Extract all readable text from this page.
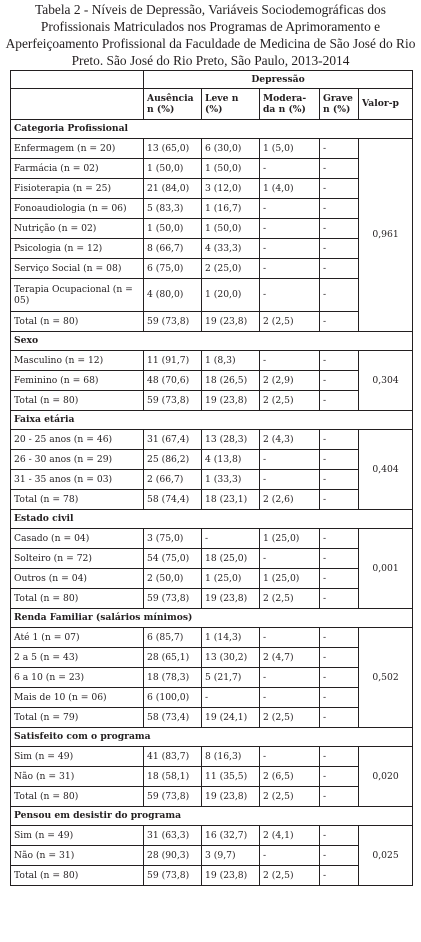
Tabela 2 - Níveis de Depressão, Variáveis Sociodemográficas dos Profissionais Matriculados nos Programas de Aprimoramento e Aperfeiçoamento Profissional da Faculdade de Medicina de São José do Rio Preto. São José do Rio Preto, São Paulo, 2013-2014
	Depressão				
	Ausência n (%)	Leve n (%)	Modera-da n (%)	Grave n (%)	Valor-p
Categoria Profissional					
Enfermagem (n = 20)	13 (65,0)	6 (30,0)	1 (5,0)	-	0,961
Farmácia (n = 02)	1 (50,0)	1 (50,0)	-	-	
Fisioterapia (n = 25)	21 (84,0)	3 (12,0)	1 (4,0)	-	
Fonoaudiologia (n = 06)	5 (83,3)	1 (16,7)	-	-	
Nutrição (n = 02)	1 (50,0)	1 (50,0)	-	-	
Psicologia (n = 12)	8 (66,7)	4 (33,3)	-	-	
Serviço Social (n = 08)	6 (75,0)	2 (25,0)	-	-	
Terapia Ocupacional (n = 05)	4 (80,0)	1 (20,0)	-	-	
Total (n = 80)	59 (73,8)	19 (23,8)	2 (2,5)	-	
Sexo					
Masculino (n = 12)	11 (91,7)	1 (8,3)	-	-	0,304
Feminino (n = 68)	48 (70,6)	18 (26,5)	2 (2,9)	-	
Total (n = 80)	59 (73,8)	19 (23,8)	2 (2,5)	-	
Faixa etária					
20 - 25 anos (n = 46)	31 (67,4)	13 (28,3)	2 (4,3)	-	0,404
26 - 30 anos (n = 29)	25 (86,2)	4 (13,8)	-	-	
31 - 35 anos (n = 03)	2 (66,7)	1 (33,3)	-	-	
Total (n = 78)	58 (74,4)	18 (23,1)	2 (2,6)	-	
Estado civil					
Casado (n = 04)	3 (75,0)	-	1 (25,0)	-	0,001
Solteiro (n = 72)	54 (75,0)	18 (25,0)	-	-	
Outros (n = 04)	2 (50,0)	1 (25,0)	1 (25,0)	-	
Total (n = 80)	59 (73,8)	19 (23,8)	2 (2,5)	-	
Renda Familiar (salários mínimos)					
Até 1 (n = 07)	6 (85,7)	1 (14,3)	-	-	0,502
2 a 5 (n = 43)	28 (65,1)	13 (30,2)	2 (4,7)	-	
6 a 10 (n = 23)	18 (78,3)	5 (21,7)	-	-	
Mais de 10 (n = 06)	6 (100,0)	-	-	-	
Total (n = 79)	58 (73,4)	19 (24,1)	2 (2,5)	-	
Satisfeito com o programa					
Sim (n = 49)	41 (83,7)	8 (16,3)	-	-	0,020
Não (n = 31)	18 (58,1)	11 (35,5)	2 (6,5)	-	
Total (n = 80)	59 (73,8)	19 (23,8)	2 (2,5)	-	
Pensou em desistir do programa					
Sim (n = 49)	31 (63,3)	16 (32,7)	2 (4,1)	-	0,025
Não (n = 31)	28 (90,3)	3 (9,7)	-	-	
Total (n = 80)	59 (73,8)	19 (23,8)	2 (2,5)	-	
